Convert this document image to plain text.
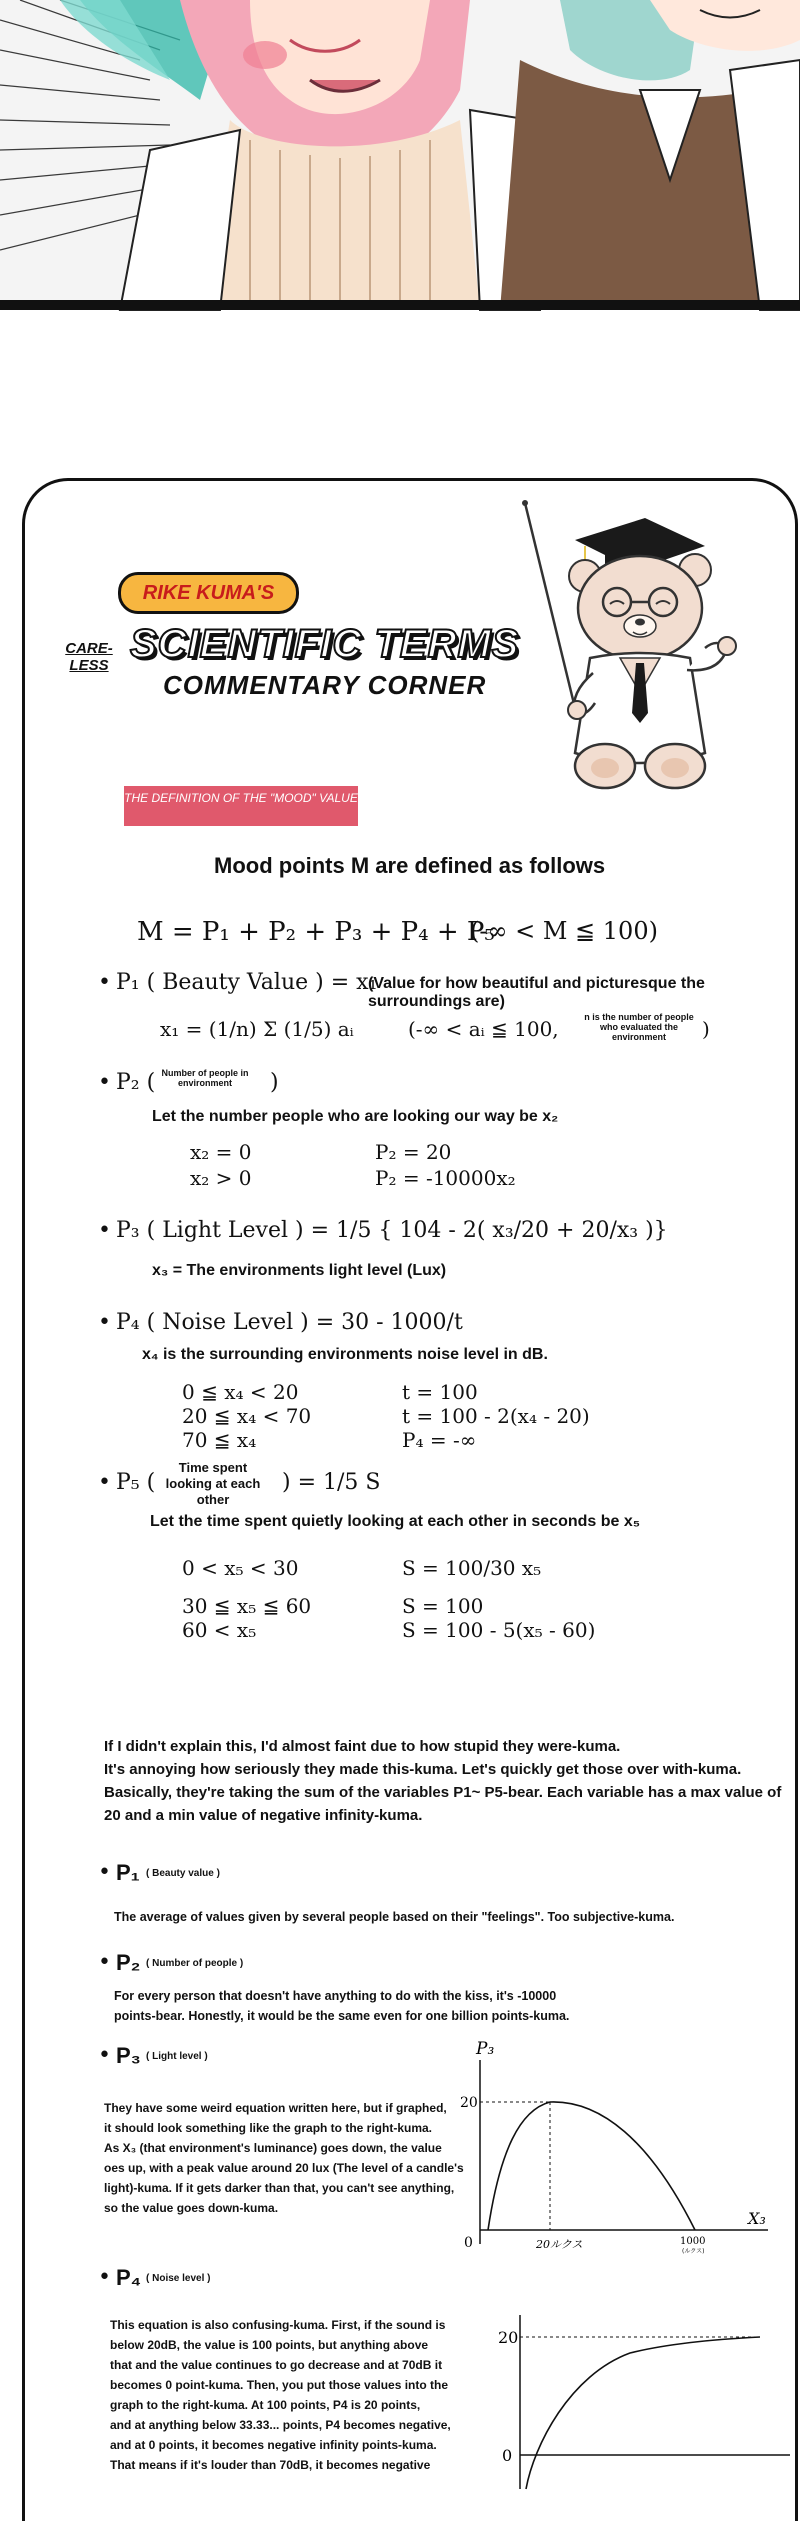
RIKE KUMA'S
CARE-LESS SCIENTIFIC TERMS
COMMENTARY CORNER
THE DEFINITION OF THE "MOOD" VALUE
Mood points M are defined as follows
M = P₁ + P₂ + P₃ + P₄ + P₅
(-∞ < M ≦ 100)
• P₁ ( Beauty Value ) = x₁
(Value for how beautiful and picturesque the surroundings are)
x₁ = (1/n) Σ (1/5) aᵢ	(-∞ < aᵢ ≦ 100,	n is the number of people who evaluated the environment	)
• P₂ ( Number of people in environment	)
Let the number people who are looking our way be x₂
x₂ = 0	P₂ = 20
x₂ > 0	P₂ = -10000x₂
• P₃ ( Light Level ) = 1/5 { 104 - 2( x₃/20 + 20/x₃ )}
x₃ = The environments light level (Lux)
• P₄ ( Noise Level ) = 30 - 1000/t
x₄ is the surrounding environments noise level in dB.
0 ≦ x₄ < 20	t = 100
20 ≦ x₄ < 70	t = 100 - 2(x₄ - 20)
70 ≦ x₄	P₄ = -∞
• P₅ (
Time spent looking at each other
) = 1/5 S
Let the time spent quietly looking at each other in seconds be x₅
0 < x₅ < 30	S = 100/30 x₅
30 ≦ x₅ ≦ 60	S = 100
60 < x₅	S = 100 - 5(x₅ - 60)
If I didn't explain this, I'd almost faint due to how stupid they were-kuma.
It's annoying how seriously they made this-kuma. Let's quickly get those over with-kuma.
Basically, they're taking the sum of the variables P1~ P5-bear. Each variable has a max value of
20 and a min value of negative infinity-kuma.
• P₁ ( Beauty value )
The average of values given by several people based on their "feelings". Too subjective-kuma.
• P₂ ( Number of people )
For every person that doesn't have anything to do with the kiss, it's -10000
points-bear. Honestly, it would be the same even for one billion points-kuma.
• P₃ ( Light level )
They have some weird equation written here, but if graphed,
it should look something like the graph to the right-kuma.
As X₃ (that environment's luminance) goes down, the value
oes up, with a peak value around 20 lux (The level of a candle's
light)-kuma. If it gets darker than that, you can't see anything,
so the value goes down-kuma.
P₃
20
0	20ルクス	1000
(ルクス)
X₃
• P₄ ( Noise level )
This equation is also confusing-kuma. First, if the sound is
below 20dB, the value is 100 points, but anything above
that and the value continues to go decrease and at 70dB it
becomes 0 point-kuma. Then, you put those values into the
graph to the right-kuma. At 100 points, P4 is 20 points,
and at anything below 33.33... points, P4 becomes negative,
and at 0 points, it becomes negative infinity points-kuma.
That means if it's louder than 70dB, it becomes negative
20
0
